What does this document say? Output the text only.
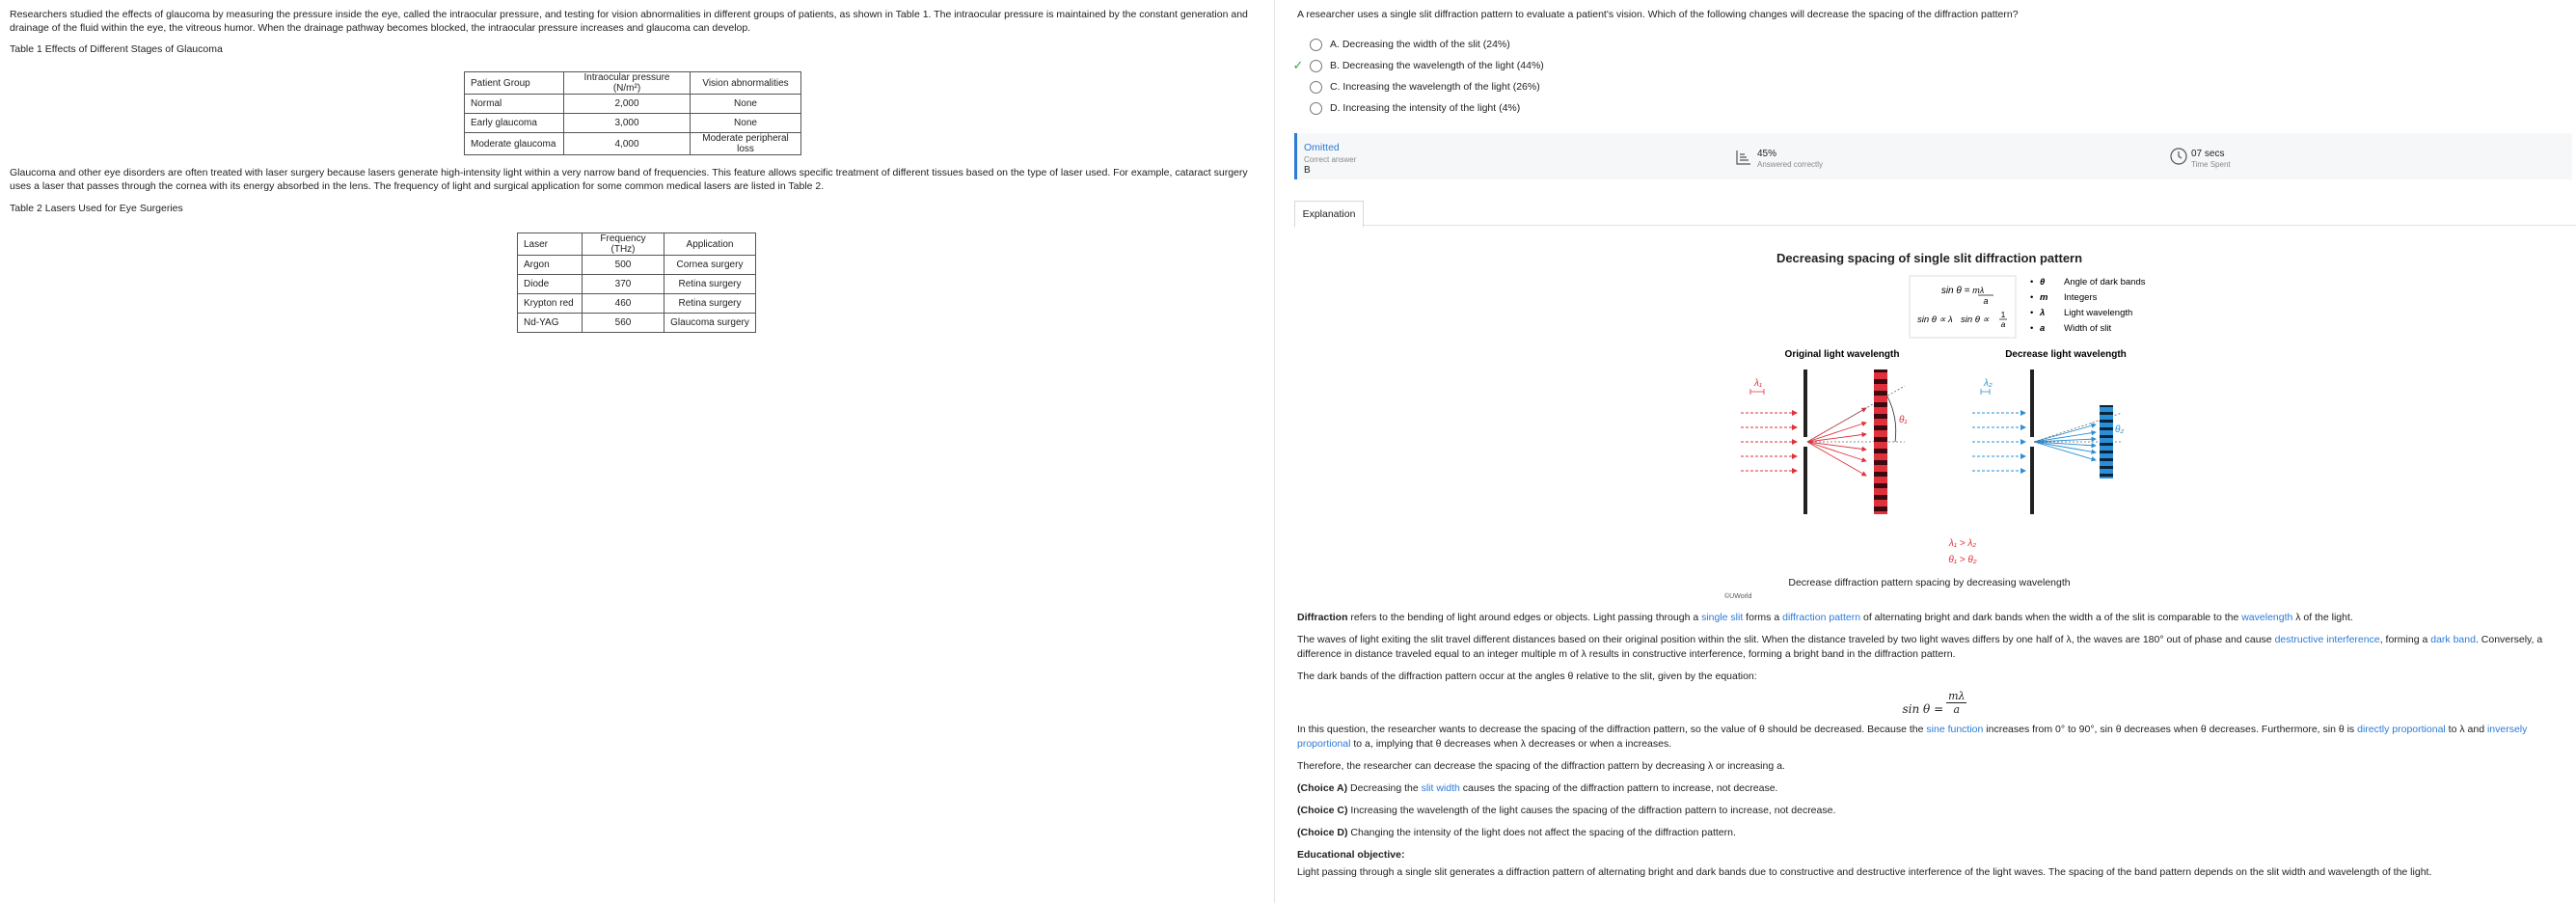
Researchers studied the effects of glaucoma by measuring the pressure inside the eye, called the intraocular pressure, and testing for vision abnormalities in different groups of patients, as shown in Table 1. The intraocular pressure is maintained by the constant generation and drainage of the fluid within the eye, the vitreous humor. When the drainage pathway becomes blocked, the intraocular pressure increases and glaucoma can develop.

Table 1 Effects of Different Stages of Glaucoma

Patient Group	Intraocular pressure (N/m²)	Vision abnormalities
Normal	2,000	None
Early glaucoma	3,000	None
Moderate glaucoma	4,000	Moderate peripheral loss

Glaucoma and other eye disorders are often treated with laser surgery because lasers generate high-intensity light within a very narrow band of frequencies. This feature allows specific treatment of different tissues based on the type of laser used. For example, cataract surgery uses a laser that passes through the cornea with its energy absorbed in the lens. The frequency of light and surgical application for some common medical lasers are listed in Table 2.

Table 2 Lasers Used for Eye Surgeries

Laser	Frequency (THz)	Application
Argon	500	Cornea surgery
Diode	370	Retina surgery
Krypton red	460	Retina surgery
Nd-YAG	560	Glaucoma surgery

A researcher uses a single slit diffraction pattern to evaluate a patient's vision. Which of the following changes will decrease the spacing of the diffraction pattern?

A. Decreasing the width of the slit (24%)
✓	B. Decreasing the wavelength of the light (44%)
C. Increasing the wavelength of the light (26%)
D. Increasing the intensity of the light (4%)
Omitted
Correct answer
B
45%
Answered correctly
07 secs
Time Spent
Explanation
Decreasing spacing of single slit diffraction pattern
sin θ = mλ
a
sin θ ∝ λ sin θ ∝ 1
a
• θ Angle of dark bands
• m Integers
• λ Light wavelength
• a Width of slit
Original light wavelength	Decrease light wavelength
λ₁
θ₁
λ₂
θ₂
λ₁ > λ₂
θ₁ > θ₂
©UWorld
Decrease diffraction pattern spacing by decreasing wavelength

Diffraction refers to the bending of light around edges or objects. Light passing through a single slit forms a diffraction pattern of alternating bright and dark bands when the width a of the slit is comparable to the wavelength λ of the light.

The waves of light exiting the slit travel different distances based on their original position within the slit. When the distance traveled by two light waves differs by one half of λ, the waves are 180° out of phase and cause destructive interference, forming a dark band. Conversely, a difference in distance traveled equal to an integer multiple m of λ results in constructive interference, forming a bright band in the diffraction pattern.

The dark bands of the diffraction pattern occur at the angles θ relative to the slit, given by the equation:

$\sin \theta = \frac{m\lambda}{a}$

In this question, the researcher wants to decrease the spacing of the diffraction pattern, so the value of θ should be decreased. Because the sine function increases from 0° to 90°, sin θ decreases when θ decreases. Furthermore, sin θ is directly proportional to λ and inversely proportional to a, implying that θ decreases when λ decreases or when a increases.

Therefore, the researcher can decrease the spacing of the diffraction pattern by decreasing λ or increasing a.

(Choice A) Decreasing the slit width causes the spacing of the diffraction pattern to increase, not decrease.

(Choice C) Increasing the wavelength of the light causes the spacing of the diffraction pattern to increase, not decrease.

(Choice D) Changing the intensity of the light does not affect the spacing of the diffraction pattern.

Educational objective:

Light passing through a single slit generates a diffraction pattern of alternating bright and dark bands due to constructive and destructive interference of the light waves. The spacing of the band pattern depends on the slit width and wavelength of the light.
